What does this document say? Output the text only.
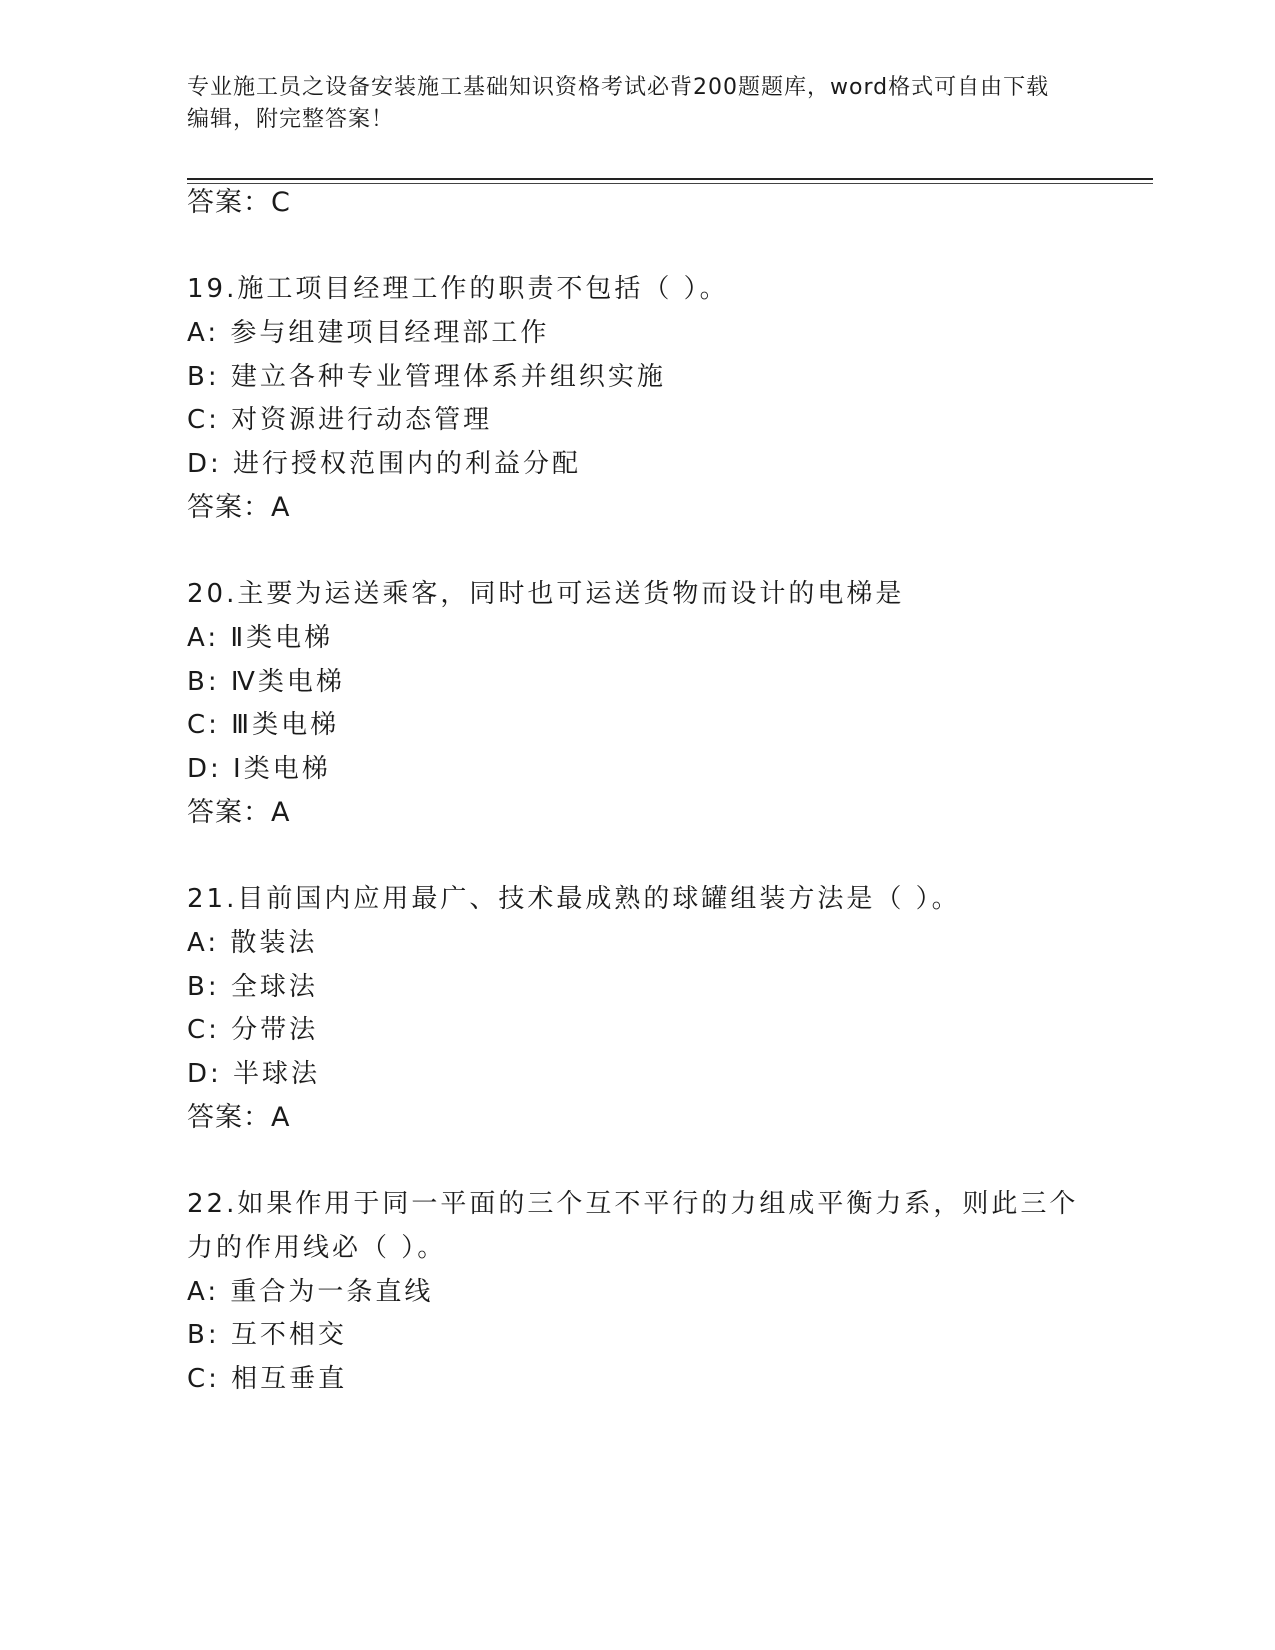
专业施工员之设备安装施工基础知识资格考试必背200题题库，word格式可自由下载编辑，附完整答案！
答案：C
19.施工项目经理工作的职责不包括（ ）。
A: 参与组建项目经理部工作
B: 建立各种专业管理体系并组织实施
C: 对资源进行动态管理
D: 进行授权范围内的利益分配
答案：A
20.主要为运送乘客，同时也可运送货物而设计的电梯是
A: Ⅱ类电梯
B: Ⅳ类电梯
C: Ⅲ类电梯
D: Ⅰ类电梯
答案：A
21.目前国内应用最广、技术最成熟的球罐组装方法是（ ）。
A: 散装法
B: 全球法
C: 分带法
D: 半球法
答案：A
22.如果作用于同一平面的三个互不平行的力组成平衡力系，则此三个
力的作用线必（ ）。
A: 重合为一条直线
B: 互不相交
C: 相互垂直
